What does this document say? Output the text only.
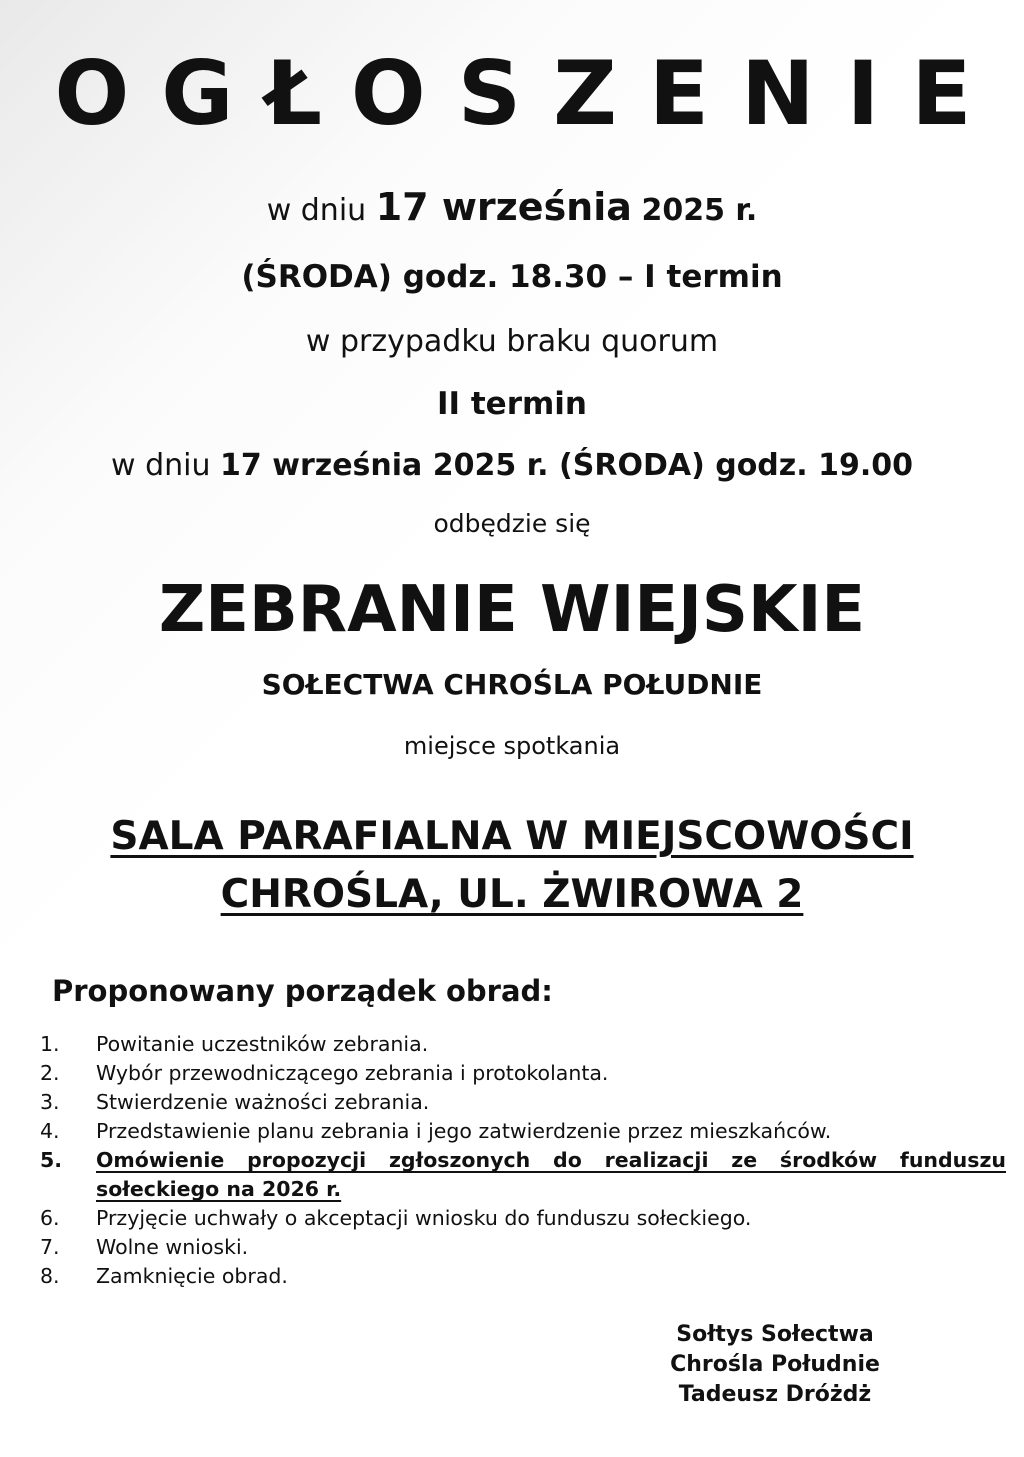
OGŁOSZENIE
w dniu 17 września 2025 r.
(ŚRODA) godz. 18.30 – I termin
w przypadku braku quorum
II termin
w dniu 17 września 2025 r. (ŚRODA) godz. 19.00
odbędzie się
ZEBRANIE WIEJSKIE
SOŁECTWA CHROŚLA POŁUDNIE
miejsce spotkania
SALA PARAFIALNA W MIEJSCOWOŚCI
CHROŚLA, UL. ŻWIROWA 2
Proponowany porządek obrad:
1.	Powitanie uczestników zebrania.
2.	Wybór przewodniczącego zebrania i protokolanta.
3.	Stwierdzenie ważności zebrania.
4.	Przedstawienie planu zebrania i jego zatwierdzenie przez mieszkańców.
5.	Omówienie propozycji zgłoszonych do realizacji ze środków funduszu sołeckiego na 2026 r.
6.	Przyjęcie uchwały o akceptacji wniosku do funduszu sołeckiego.
7.	Wolne wnioski.
8.	Zamknięcie obrad.
Sołtys Sołectwa
Chrośla Południe
Tadeusz Dróżdż
